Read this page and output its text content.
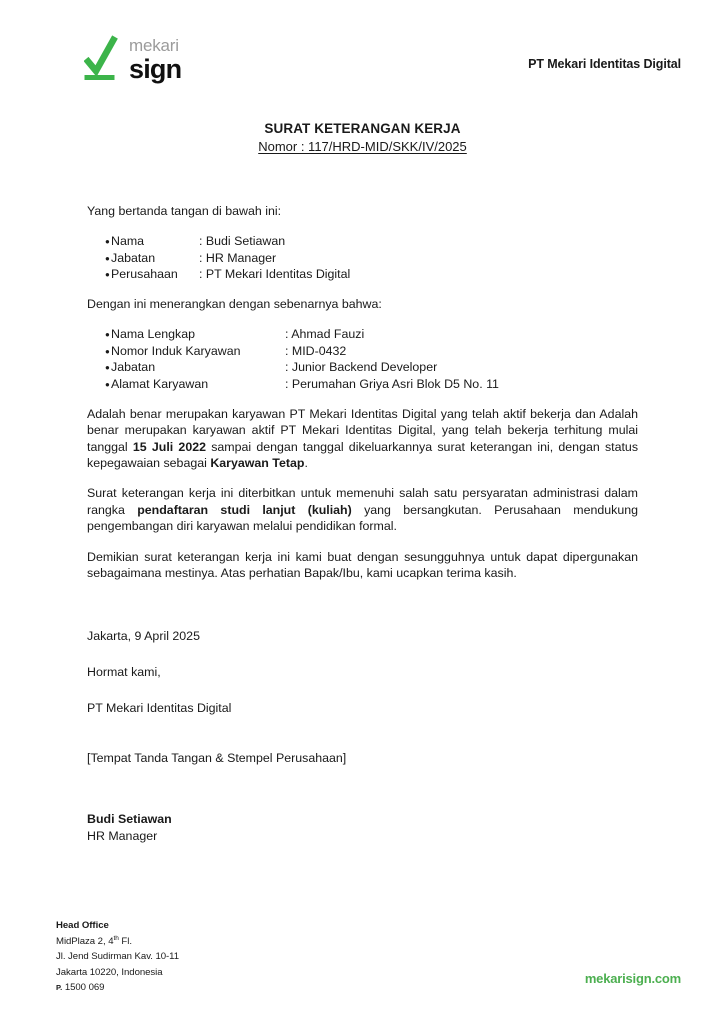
mekari
sign	PT Mekari Identitas Digital
SURAT KETERANGAN KERJA
Nomor : 117/HRD-MID/SKK/IV/2025

Yang bertanda tangan di bawah ini:

●
Nama	: Budi Setiawan
●
Jabatan	: HR Manager
●
Perusahaan	: PT Mekari Identitas Digital

Dengan ini menerangkan dengan sebenarnya bahwa:

●
Nama Lengkap	: Ahmad Fauzi
●
Nomor Induk Karyawan	: MID-0432
●
Jabatan	: Junior Backend Developer
●
Alamat Karyawan	: Perumahan Griya Asri Blok D5 No. 11

Adalah benar merupakan karyawan PT Mekari Identitas Digital yang telah aktif bekerja dan Adalah benar merupakan karyawan aktif PT Mekari Identitas Digital, yang telah bekerja terhitung mulai tanggal 15 Juli 2022 sampai dengan tanggal dikeluarkannya surat keterangan ini, dengan status kepegawaian sebagai Karyawan Tetap.

Surat keterangan kerja ini diterbitkan untuk memenuhi salah satu persyaratan administrasi dalam rangka pendaftaran studi lanjut (kuliah) yang bersangkutan. Perusahaan mendukung pengembangan diri karyawan melalui pendidikan formal.

Demikian surat keterangan kerja ini kami buat dengan sesungguhnya untuk dapat dipergunakan sebagaimana mestinya. Atas perhatian Bapak/Ibu, kami ucapkan terima kasih.

Jakarta, 9 April 2025
Hormat kami,
PT Mekari Identitas Digital
[Tempat Tanda Tangan & Stempel Perusahaan]
Budi Setiawan
HR Manager
Head Office
MidPlaza 2, 4th Fl.
Jl. Jend Sudirman Kav. 10-11
Jakarta 10220, Indonesia
P. 1500 069
mekarisign.com
